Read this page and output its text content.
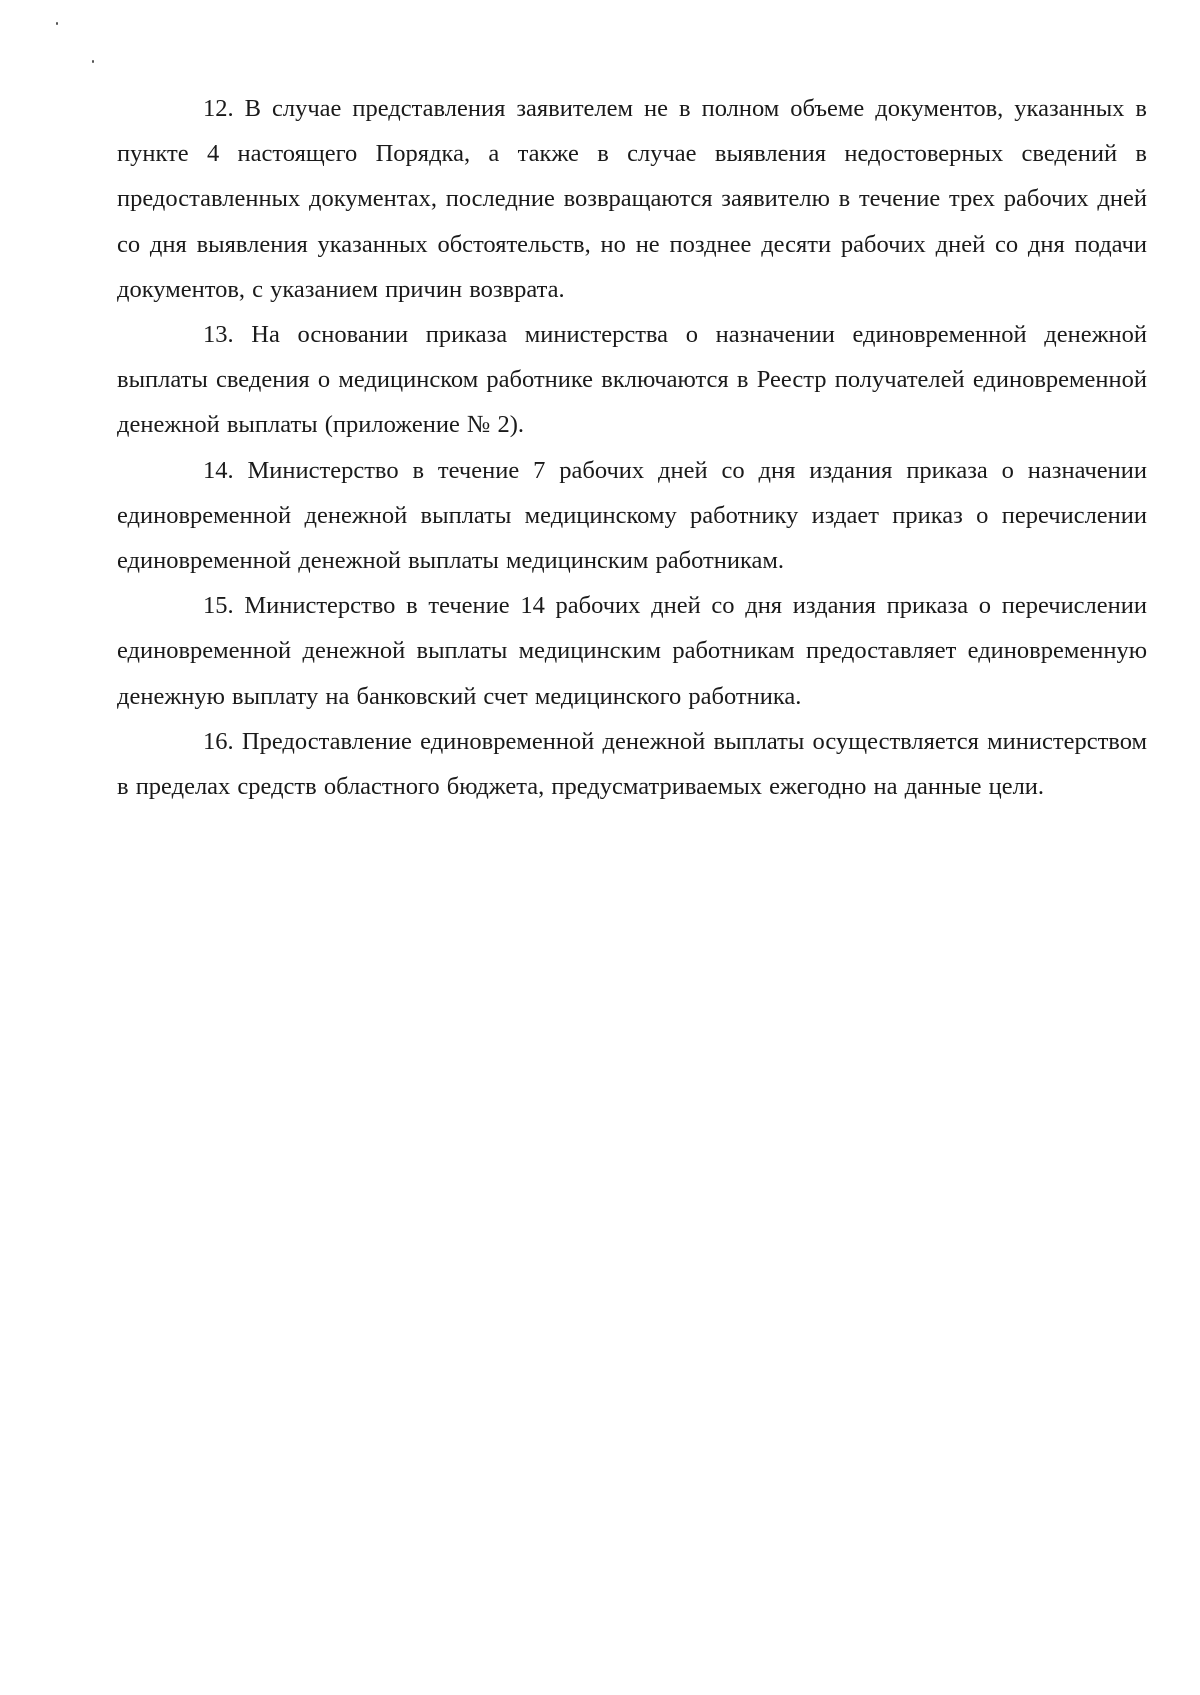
12. В случае представления заявителем не в полном объеме документов, указанных в пункте 4 настоящего Порядка, а также в случае выявления недостоверных сведений в предоставленных документах, последние возвращаются заявителю в течение трех рабочих дней со дня выявления указанных обстоятельств, но не позднее десяти рабочих дней со дня подачи документов, с указанием причин возврата.

13. На основании приказа министерства о назначении единовременной денежной выплаты сведения о медицинском работнике включаются в Реестр получателей единовременной денежной выплаты (приложение № 2).

14. Министерство в течение 7 рабочих дней со дня издания приказа о назначении единовременной денежной выплаты медицинскому работнику издает приказ о перечислении единовременной денежной выплаты медицинским работникам.

15. Министерство в течение 14 рабочих дней со дня издания приказа о перечислении единовременной денежной выплаты медицинским работникам предоставляет единовременную денежную выплату на банковский счет медицинского работника.

16. Предоставление единовременной денежной выплаты осуществляется министерством в пределах средств областного бюджета, предусматриваемых ежегодно на данные цели.
